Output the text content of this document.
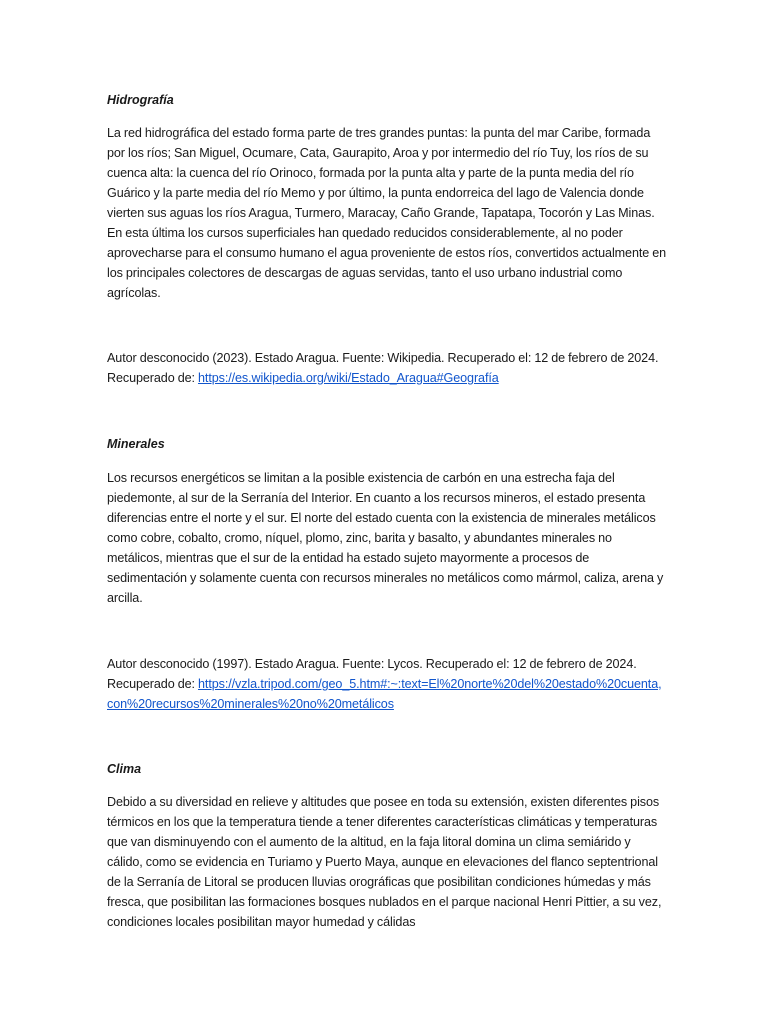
Hidrografía

La red hidrográfica del estado forma parte de tres grandes puntas: la punta del mar Caribe, formada por los ríos; San Miguel, Ocumare, Cata, Gaurapito, Aroa y por intermedio del río Tuy, los ríos de su cuenca alta: la cuenca del río Orinoco, formada por la punta alta y parte de la punta media del río Guárico y la parte media del río Memo y por último, la punta endorreica del lago de Valencia donde vierten sus aguas los ríos Aragua, Turmero, Maracay, Caño Grande, Tapatapa, Tocorón y Las Minas. En esta última los cursos superficiales han quedado reducidos considerablemente, al no poder aprovecharse para el consumo humano el agua proveniente de estos ríos, convertidos actualmente en los principales colectores de descargas de aguas servidas, tanto el uso urbano industrial como agrícolas.

Autor desconocido (2023). Estado Aragua. Fuente: Wikipedia. Recuperado el: 12 de febrero de 2024. Recuperado de: https://es.wikipedia.org/wiki/Estado_Aragua#Geografía

Minerales

Los recursos energéticos se limitan a la posible existencia de carbón en una estrecha faja del piedemonte, al sur de la Serranía del Interior. En cuanto a los recursos mineros, el estado presenta diferencias entre el norte y el sur. El norte del estado cuenta con la existencia de minerales metálicos como cobre, cobalto, cromo, níquel, plomo, zinc, barita y basalto, y abundantes minerales no metálicos, mientras que el sur de la entidad ha estado sujeto mayormente a procesos de sedimentación y solamente cuenta con recursos minerales no metálicos como mármol, caliza, arena y arcilla.

Autor desconocido (1997). Estado Aragua. Fuente: Lycos. Recuperado el: 12 de febrero de 2024. Recuperado de: https://vzla.tripod.com/geo_5.htm#:~:text=El%20norte%20del%20estado%20cuenta,con%20recursos%20minerales%20no%20metálicos

Clima

Debido a su diversidad en relieve y altitudes que posee en toda su extensión, existen diferentes pisos térmicos en los que la temperatura tiende a tener diferentes características climáticas y temperaturas que van disminuyendo con el aumento de la altitud, en la faja litoral domina un clima semiárido y cálido, como se evidencia en Turiamo y Puerto Maya, aunque en elevaciones del flanco septentrional de la Serranía de Litoral se producen lluvias orográficas que posibilitan condiciones húmedas y más fresca, que posibilitan las formaciones bosques nublados en el parque nacional Henri Pittier, a su vez, condiciones locales posibilitan mayor humedad y cálidas
